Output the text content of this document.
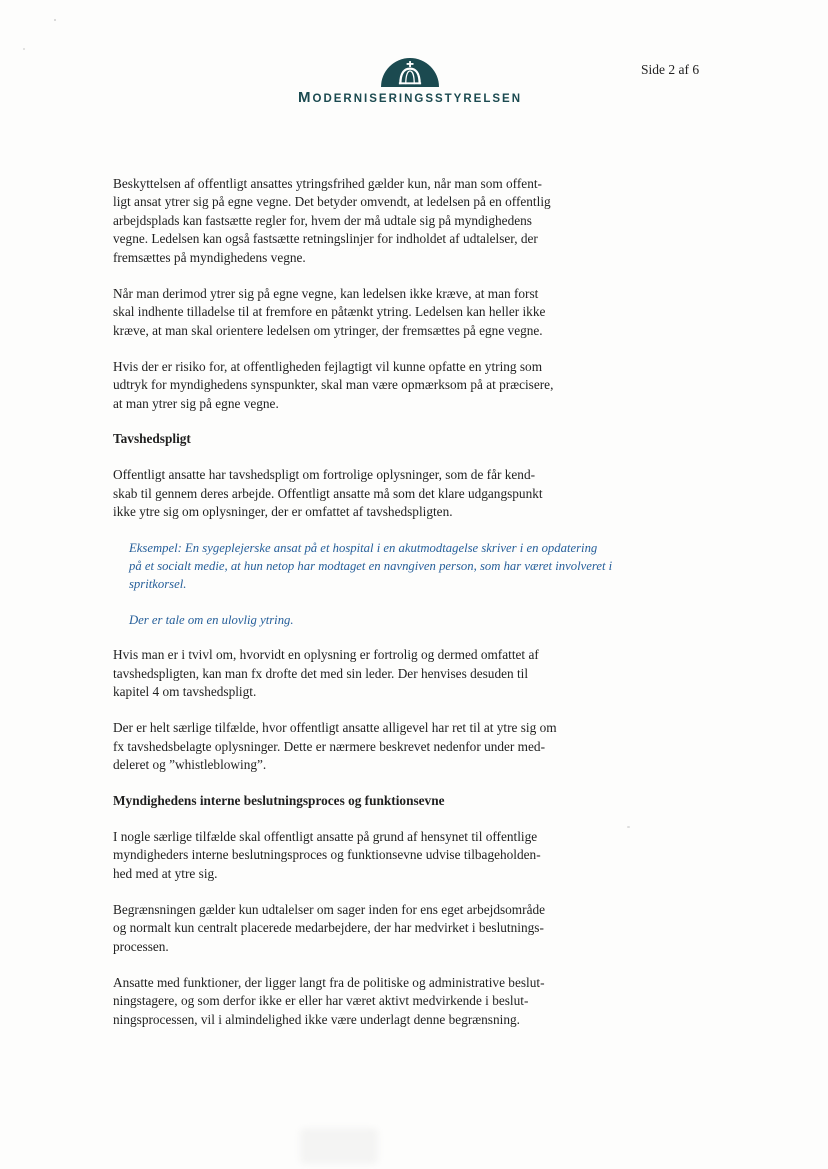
MODERNISERINGSSTYRELSEN
Side 2 af 6
Beskyttelsen af offentligt ansattes ytringsfrihed gælder kun, når man som offent-
ligt ansat ytrer sig på egne vegne. Det betyder omvendt, at ledelsen på en offentlig
arbejdsplads kan fastsætte regler for, hvem der må udtale sig på myndighedens
vegne. Ledelsen kan også fastsætte retningslinjer for indholdet af udtalelser, der
fremsættes på myndighedens vegne.
Når man derimod ytrer sig på egne vegne, kan ledelsen ikke kræve, at man forst
skal indhente tilladelse til at fremfore en påtænkt ytring. Ledelsen kan heller ikke
kræve, at man skal orientere ledelsen om ytringer, der fremsættes på egne vegne.
Hvis der er risiko for, at offentligheden fejlagtigt vil kunne opfatte en ytring som
udtryk for myndighedens synspunkter, skal man være opmærksom på at præcisere,
at man ytrer sig på egne vegne.
Tavshedspligt
Offentligt ansatte har tavshedspligt om fortrolige oplysninger, som de får kend-
skab til gennem deres arbejde. Offentligt ansatte må som det klare udgangspunkt
ikke ytre sig om oplysninger, der er omfattet af tavshedspligten.
Eksempel: En sygeplejerske ansat på et hospital i en akutmodtagelse skriver i en opdatering
på et socialt medie, at hun netop har modtaget en navngiven person, som har været involveret i
spritkorsel.
Der er tale om en ulovlig ytring.
Hvis man er i tvivl om, hvorvidt en oplysning er fortrolig og dermed omfattet af
tavshedspligten, kan man fx drofte det med sin leder. Der henvises desuden til
kapitel 4 om tavshedspligt.
Der er helt særlige tilfælde, hvor offentligt ansatte alligevel har ret til at ytre sig om
fx tavshedsbelagte oplysninger. Dette er nærmere beskrevet nedenfor under med-
deleret og ”whistleblowing”.
Myndighedens interne beslutningsproces og funktionsevne
I nogle særlige tilfælde skal offentligt ansatte på grund af hensynet til offentlige
myndigheders interne beslutningsproces og funktionsevne udvise tilbageholden-
hed med at ytre sig.
Begrænsningen gælder kun udtalelser om sager inden for ens eget arbejdsområde
og normalt kun centralt placerede medarbejdere, der har medvirket i beslutnings-
processen.
Ansatte med funktioner, der ligger langt fra de politiske og administrative beslut-
ningstagere, og som derfor ikke er eller har været aktivt medvirkende i beslut-
ningsprocessen, vil i almindelighed ikke være underlagt denne begrænsning.
